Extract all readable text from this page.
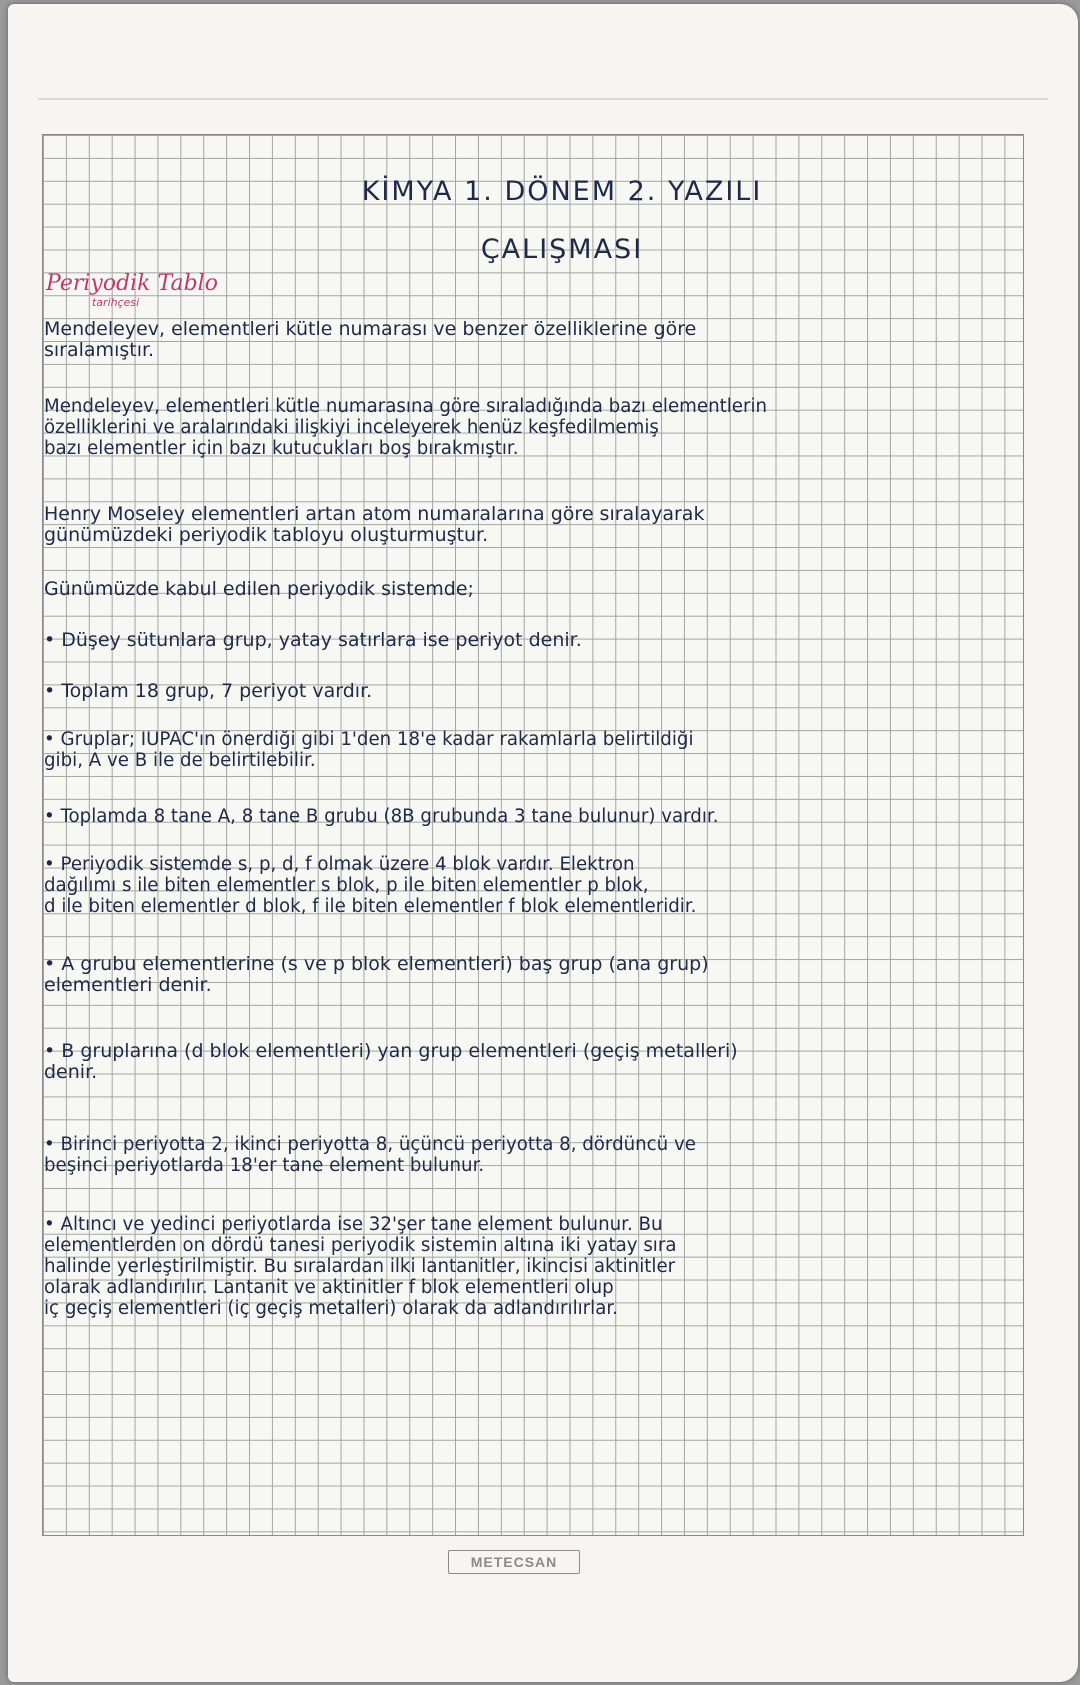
KİMYA 1. DÖNEM 2. YAZILI
ÇALIŞMASI
Periyodik Tablo
tarihçesi
Mendeleyev, elementleri kütle numarası ve benzer özelliklerine göre
sıralamıştır.
Mendeleyev, elementleri kütle numarasına göre sıraladığında bazı elementlerin
özelliklerini ve aralarındaki ilişkiyi inceleyerek henüz keşfedilmemiş
bazı elementler için bazı kutucukları boş bırakmıştır.
Henry Moseley elementleri artan atom numaralarına göre sıralayarak
günümüzdeki periyodik tabloyu oluşturmuştur.
Günümüzde kabul edilen periyodik sistemde;
• Düşey sütunlara grup, yatay satırlara ise periyot denir.
• Toplam 18 grup, 7 periyot vardır.
• Gruplar; IUPAC'ın önerdiği gibi 1'den 18'e kadar rakamlarla belirtildiği
gibi, A ve B ile de belirtilebilir.
• Toplamda 8 tane A, 8 tane B grubu (8B grubunda 3 tane bulunur) vardır.
• Periyodik sistemde s, p, d, f olmak üzere 4 blok vardır. Elektron
dağılımı s ile biten elementler s blok, p ile biten elementler p blok,
d ile biten elementler d blok, f ile biten elementler f blok elementleridir.
• A grubu elementlerine (s ve p blok elementleri) baş grup (ana grup)
elementleri denir.
• B gruplarına (d blok elementleri) yan grup elementleri (geçiş metalleri)
denir.
• Birinci periyotta 2, ikinci periyotta 8, üçüncü periyotta 8, dördüncü ve
beşinci periyotlarda 18'er tane element bulunur.
• Altıncı ve yedinci periyotlarda ise 32'şer tane element bulunur. Bu
elementlerden on dördü tanesi periyodik sistemin altına iki yatay sıra
halinde yerleştirilmiştir. Bu sıralardan ilki lantanitler, ikincisi aktinitler
olarak adlandırılır. Lantanit ve aktinitler f blok elementleri olup
iç geçiş elementleri (iç geçiş metalleri) olarak da adlandırılırlar.
METECSAN
